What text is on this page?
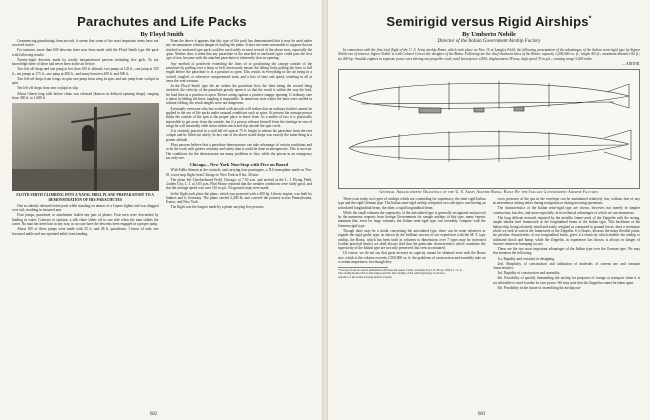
Parachutes and Life Packs
By Floyd Smith

Commencing parachuting from aircraft, it seems that some of the most important items have not received notice.

For instance, more than 600 descents have now been made with the Floyd Smith type life pack with following results:

Twenty-eight descents made by totally inexperienced persons including five girls. To my knowledge three of these had never been in the air before.

Two left off drops and one jump at less than 100 ft. altitude, two jumps at 125 ft., one jump at 150 ft., ten jumps at 175 ft., one jump at 200 ft., and many between 200 ft. and 500 ft.

Two left-off drops from wings in spin, one jump from wing in spin, and one jump from cockpit in spin.

Ten left off drops from rear cockpit in slip.

About fifteen long falls before chute was released (known as delayed opening drops), ranging from 300 ft. to 1,600 ft.

FLOYD SMITH CLIMBING INTO A NAVAL MB3L PLANE PREPARATORY TO A DEMONSTRATION OF HIS PARACHUTES

One accidently released entire pack while standing on tarmac of a Lepere fighter and was dragged over tail, resulting in incurred arm.

Four jumps, parachute or attachment fouled any part of planes. Four men were descended by landing in water. Contrary to opinion, a silk chute slides off to one side when the man strikes the water. No man has been hurt in any way, in no case have the descents been engaged in a proper jump.

About 100 of these jumps were made with 25 ft. and 28 ft. parachutes. I know of only one fractured ankle and one sprained ankle from landing.

From the above it appears that this type of life pack has demonstrated that it may be used under any circumstances without danger of fouling the plane. It does not seem reasonable to suppose that an attached or anchored type pack could be used safely in most several of the above tests, especially the spins. Neither does it seem that any parachute of the attached or anchored types could pass the first type of test, because with the attached parachutes it inherently slow in opening.

Any method of positively extending the lines of or positioning the canopy outside of the parachute by pulling over a hoop or bell, necessarily means the falling body pulling the lines to full length before the parachute is in a position to open. This results in everything in the air being in a twisted, tangled, or otherwise compromised state, and a loss of time and speed, resulting in all at times the vent vacuum.

In the Floyd Smith type the air strikes the parachute first, the lines being the second thing stretched, the velocity of the parachute greatly opens it so that the result is within the way the lead, the load then in a position to open. Before acting against a positive snappy opening. If ordinary care is taken in folding the lines, tangling is impossible. In numerous tests where the lines were stuffed in without folding, the result tangles were not dangerous.

Eventually everyone who has worked with aircraft will realize that an ordinary hatchet cannot be applied in the use of life packs under unusual conditions such as spins. At present the average person thinks the outside of the spin is the proper place to leave from. As a matter of fact it is practically impossible to get away from the outside, but if a person releases himself from the fuselage in rear of wings he will invariably slide down within reach and slip outside the spin circle.

It is certainly practical in a stall fall off spin at 75 ft. height to release his parachute from the rear cockpit and be lifted out safely. In fact one of the above noted drops was exactly the same thing at a greater altitude.

Most persons believe that a parachute demonstrator can take advantage of certain conditions and so do the work with greater certainty and safety than it could be done in emergencies. This is not true. The conditions for the demonstrator are many problems to face, while the person in an emergency has only one.

Chicago—New York Non-Stop with Five on Board

With Eddie Stinson at the controls, and carrying four passengers, a JL6 monoplane made on Nov. 18, a non-stop flight from Chicago to New York in 8 hrs. 40 min.

The plane left Checkerboard Field, Chicago, at 7.50 a.m. and arrived at the L. I. Flying Field, Garden City, L. I. at 5.05 p.m. Flint Hoom reported that the weather conditions were fairly good, and that the average speed was over 110 m.p.h. No ground stops were made.

In the flight took place the plane, which was powered with a 400 hp. Liberty engine, was built by Junkers and is Germany. The plane carried 2,200 lb. and covered the journey across Pennsylvania, France, and New York.

The flight was the longest made by a plane carrying five persons.

682
Semirigid versus Rigid Airships*
By Umberto Nobile
Director of the Italian Government Airship Factory

In connection with the first trial flight of the U. S. Army airship Roma, which took place on Nov. 15 at Langley Field, the following presentation of the advantages of the Italian semi-rigid type by Signor Nobile are of interest. Signor Nobile is with Colonel Crocco the designer of the Roma. Following are the chief characteristics of the Roma: capacity 1,200,000 cu. ft.; length 410 ft.; maximum diameter 82 ft.; six 400 hp. Ansaldo engines in separate power cars driving one propeller each; total horsepower 2,400; displacement 38 tons; high speed 70 m.p.h.; cruising range 5,000 miles.

— EDITOR.

General Arrangement Drawings of the U. S. Army Airship Roma, Built By the Italian Government Airship Factory

There exist today two types of airships which are contending for supremacy: the semi-rigid Italian type and the rigid German type. The Italian semi-rigid airship comprises two sub-types: one having an articulated longitudinal beam, the other, a rigid longitudinal beam.

While the small volumes the superiority of the articulated type is generally recognized and proved by the numerous requests from foreign Governments for sample airships of this type, many experts maintain that, even for large volumes, the Italian semi-rigid type can favorably compare with the German rigid type.

Though there may be a doubt concerning the articulated type, there can be none whatever as regards the rigid girder type, as shown by the brilliant success of our experience with the M. T. type airship, the Roma, which has been built in volumes to dimensions over 7 types may be increased (within practical limits) we shall always find that the particular characteristics which constitute the superiority of the Italian type are not only preserved, but even accentuated.

Of course, we do not say that great increase in capacity cannot be obtained even with the Roma size, which is the volume exceeds 2,500,000 cu. ft. the problems of construction and assembly take on a certain importance, but though they

* Excerpt from an article published in Rivista del Genio Civile, translated by Col. Flora, Office C. S. A.

The airship Roma will be the largest and the first airship of the semi-rigid type in service.

Another of the series is being built for Spain.

cross presence of the gas in the envelope can be maintained relatively low, without fear of any inconvenience arising either during navigation or during mooring operations.

The characteristics of the Italian semi-rigid type are shown, however, not merely in simpler construction, but also, and more especially, in its technical advantages of which we can enumerate.

The long delicate network required by the metallic frame-work of the Zeppelin with the strong, simple tubular keel framework as the longitudinal beam of the Italian type. This backbone of the Italian ship, being relatively small and easily weighed as compared to ground forces, have a resistance which we seek in vain in the framework of the Zeppelin. It is elastic, because the many flexible joints, the peculiar characteristic of our longitudinal beam, gives it a elasticity which enables the airship to withstand shock and bump, while the Zeppelin, as experience has shown, is always in danger of fracture whenever bumping occurs.

These are the two most important advantages of the Italian type over the German type. We may also mention the following:

1st. Rapidity and certainty in designing.

2nd. Simplicity of construction and utilization of materials of current use and constant characteristics.

3rd. Rapidity of construction and assembly.

4th. Possibility of quickly dismantling the airship for purposes of storage or transport when it is not advisable to send it under its own power. We may note that the Zeppelin cannot be taken apart.

5th. Possibility in the future of assembling the airship out-

683
